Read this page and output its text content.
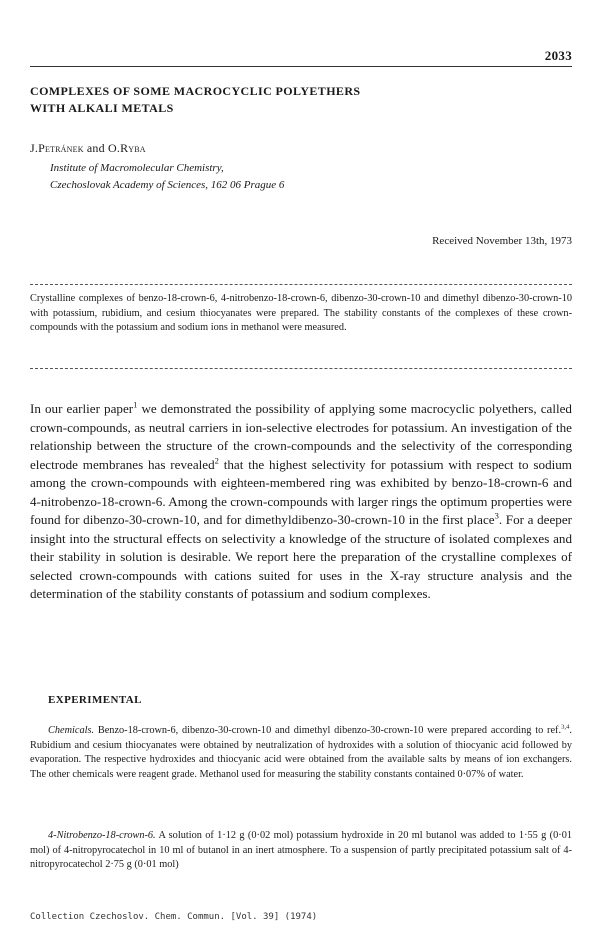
2033
COMPLEXES OF SOME MACROCYCLIC POLYETHERS
WITH ALKALI METALS
J.Petránek and O.Ryba
Institute of Macromolecular Chemistry,
Czechoslovak Academy of Sciences, 162 06 Prague 6
Received November 13th, 1973

Crystalline complexes of benzo-18-crown-6, 4-nitrobenzo-18-crown-6, dibenzo-30-crown-10 and dimethyl dibenzo-30-crown-10 with potassium, rubidium, and cesium thiocyanates were prepared. The stability constants of the complexes of these crown-compounds with the potassium and sodium ions in methanol were measured.

In our earlier paper$^1$ we demonstrated the possibility of applying some macrocyclic polyethers, called crown-compounds, as neutral carriers in ion-selective electrodes for potassium. An investigation of the relationship between the structure of the crown-compounds and the selectivity of the corresponding electrode membranes has revealed$^2$ that the highest selectivity for potassium with respect to sodium among the crown-compounds with eighteen-membered ring was exhibited by benzo-18-crown-6 and 4-nitrobenzo-18-crown-6. Among the crown-compounds with larger rings the optimum properties were found for dibenzo-30-crown-10, and for dimethyldibenzo-30-crown-10 in the first place$^3$. For a deeper insight into the structural effects on selectivity a knowledge of the structure of isolated complexes and their stability in solution is desirable. We report here the preparation of the crystalline complexes of selected crown-compounds with cations suited for uses in the X-ray structure analysis and the determination of the stability constants of potassium and sodium complexes.

EXPERIMENTAL

Chemicals. Benzo-18-crown-6, dibenzo-30-crown-10 and dimethyl dibenzo-30-crown-10 were prepared according to ref.$^{3,4}$. Rubidium and cesium thiocyanates were obtained by neutralization of hydroxides with a solution of thiocyanic acid followed by evaporation. The respective hydroxides and thiocyanic acid were obtained from the available salts by means of ion exchangers. The other chemicals were reagent grade. Methanol used for measuring the stability constants contained 0·07% of water.

4-Nitrobenzo-18-crown-6. A solution of 1·12 g (0·02 mol) potassium hydroxide in 20 ml butanol was added to 1·55 g (0·01 mol) of 4-nitropyrocatechol in 10 ml of butanol in an inert atmosphere. To a suspension of partly precipitated potassium salt of 4-nitropyrocatechol 2·75 g (0·01 mol)

Collection Czechoslov. Chem. Commun. [Vol. 39] (1974)
